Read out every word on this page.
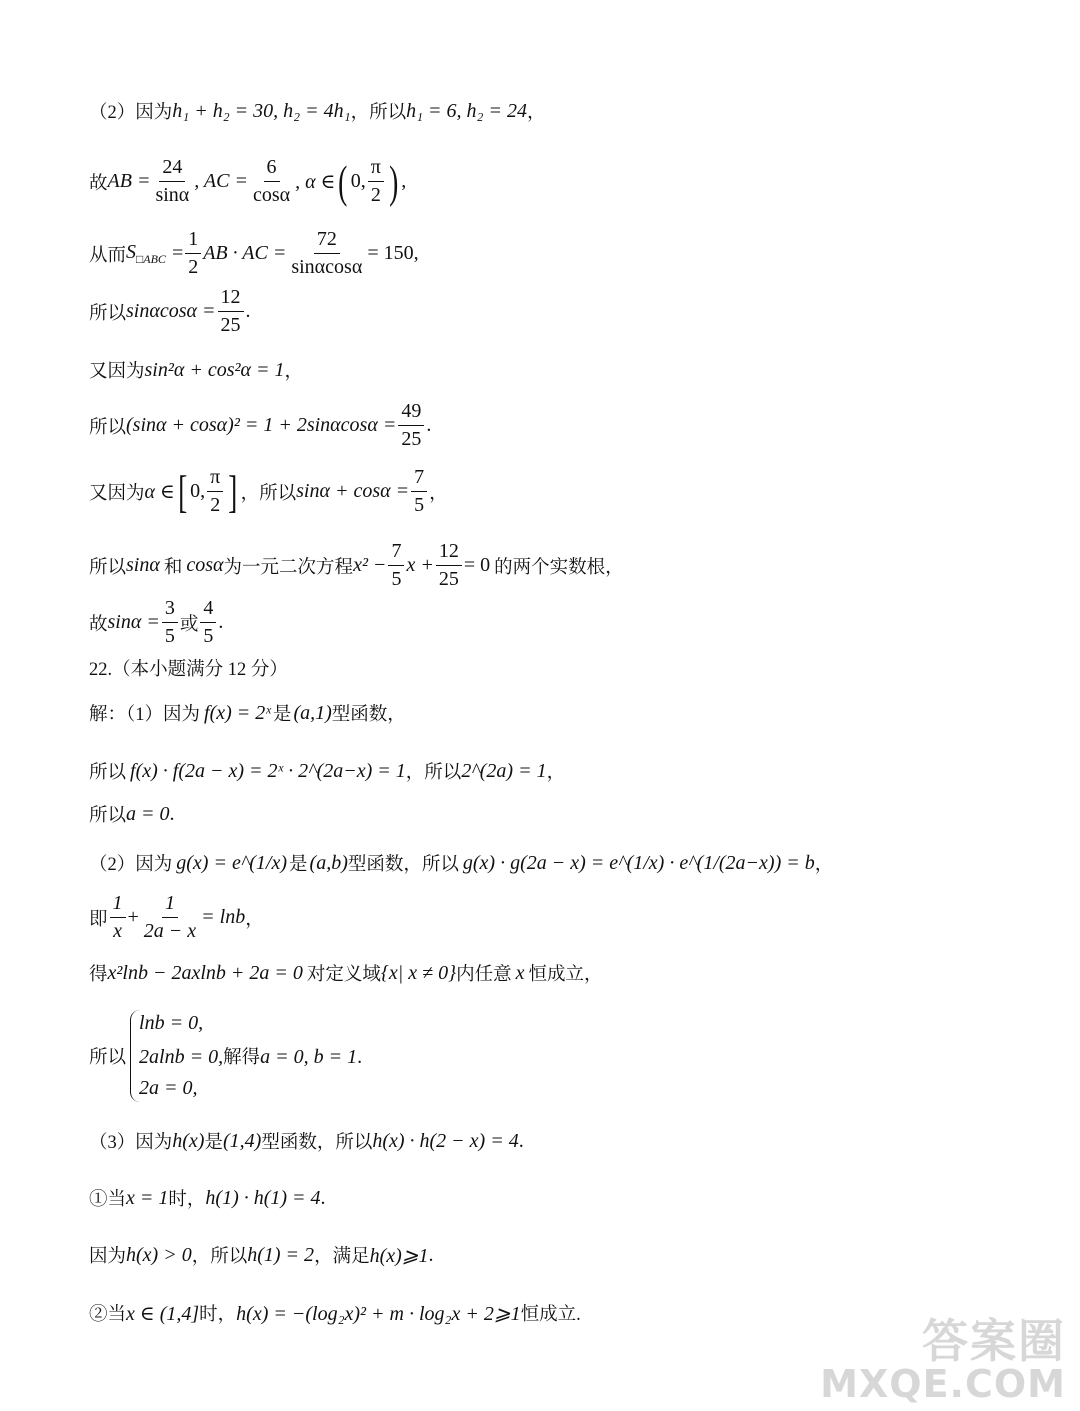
（2）因为 h₁ + h₂ = 30, h₂ = 4h₁ ，所以 h₁ = 6, h₂ = 24 ，
故 AB = $\frac{24}{\sin\alpha}$ , AC = $\frac{6}{\cos\alpha}$ , α ∈ ( 0, $\frac{\pi}{2}$ ) ,
从而 $S_{□ABC} = \frac{1}{2}$ AB · AC = $\frac{72}{\sin\alpha\cos\alpha} = 150$ ,
所以 $\sin\alpha\cos\alpha = \frac{12}{25}$ .
又因为 sin²α + cos²α = 1 ，
所以 $(\sin\alpha + \cos\alpha)^2 = 1 + 2\sin\alpha\cos\alpha = \frac{49}{25}$ .
又因为 α ∈ [ 0, $\frac{\pi}{2}$ ] ，所以 $\sin\alpha + \cos\alpha = \frac{7}{5}$ ，
所以 sinα 和 cosα 为一元二次方程 $x^2 - \frac{7}{5}$ $x + \frac{12}{25} = 0$ 的两个实数根，
故 $\sin\alpha = \frac{3}{5}$ 或 $\frac{4}{5}$ .
22.（本小题满分 12 分）
解：（1）因为 f(x) = 2ˣ 是 (a,1) 型函数，
所以 f(x) · f(2a − x) = 2ˣ · 2^(2a−x) = 1 ，所以 2^(2a) = 1 ，
所以 a = 0 .
（2）因为 g(x) = e^(1/x) 是 (a,b) 型函数，所以 g(x) · g(2a − x) = e^(1/x) · e^(1/(2a−x)) = b ，
即 $\frac{1}{x} + \frac{1}{2a - x} = \ln b$ ，
得 x²lnb − 2axlnb + 2a = 0 对定义域 {x| x ≠ 0} 内任意 x 恒成立，
所以
lnb = 0,
2alnb = 0,解得a = 0, b = 1.
2a = 0,
（3）因为 h(x) 是 (1,4) 型函数，所以 h(x) · h(2 − x) = 4 .
①当 x = 1 时， h(1) · h(1) = 4 .
因为 h(x) > 0 ，所以 h(1) = 2 ，满足 h(x)⩾1 .
②当 x ∈ (1,4] 时， h(x) = −(log₂x)² + m · log₂x + 2⩾1 恒成立.	答案圈
MXQE.COM
